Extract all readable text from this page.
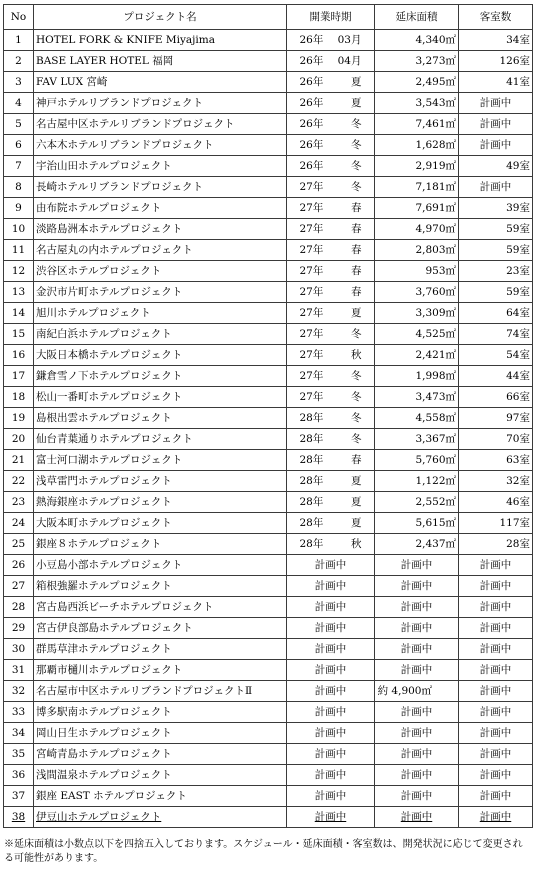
No	プロジェクト名	開業時期	延床面積	客室数
1	HOTEL FORK & KNIFE Miyajima	26年 03月	4,340㎡	34室
2	BASE LAYER HOTEL 福岡	26年 04月	3,273㎡	126室
3	FAV LUX 宮崎	26年 夏	2,495㎡	41室
4	神戸ホテルリブランドプロジェクト	26年 夏	3,543㎡	計画中
5	名古屋中区ホテルリブランドプロジェクト	26年 冬	7,461㎡	計画中
6	六本木ホテルリブランドプロジェクト	26年 冬	1,628㎡	計画中
7	宇治山田ホテルプロジェクト	26年 冬	2,919㎡	49室
8	長崎ホテルリブランドプロジェクト	27年 冬	7,181㎡	計画中
9	由布院ホテルプロジェクト	27年 春	7,691㎡	39室
10	淡路島洲本ホテルプロジェクト	27年 春	4,970㎡	59室
11	名古屋丸の内ホテルプロジェクト	27年 春	2,803㎡	59室
12	渋谷区ホテルプロジェクト	27年 春	953㎡	23室
13	金沢市片町ホテルプロジェクト	27年 春	3,760㎡	59室
14	旭川ホテルプロジェクト	27年 夏	3,309㎡	64室
15	南紀白浜ホテルプロジェクト	27年 冬	4,525㎡	74室
16	大阪日本橋ホテルプロジェクト	27年 秋	2,421㎡	54室
17	鎌倉雪ノ下ホテルプロジェクト	27年 冬	1,998㎡	44室
18	松山一番町ホテルプロジェクト	27年 冬	3,473㎡	66室
19	島根出雲ホテルプロジェクト	28年 冬	4,558㎡	97室
20	仙台青葉通りホテルプロジェクト	28年 冬	3,367㎡	70室
21	富士河口湖ホテルプロジェクト	28年 春	5,760㎡	63室
22	浅草雷門ホテルプロジェクト	28年 夏	1,122㎡	32室
23	熱海銀座ホテルプロジェクト	28年 夏	2,552㎡	46室
24	大阪本町ホテルプロジェクト	28年 夏	5,615㎡	117室
25	銀座８ホテルプロジェクト	28年 秋	2,437㎡	28室
26	小豆島小部ホテルプロジェクト	計画中	計画中	計画中
27	箱根強羅ホテルプロジェクト	計画中	計画中	計画中
28	宮古島西浜ビーチホテルプロジェクト	計画中	計画中	計画中
29	宮古伊良部島ホテルプロジェクト	計画中	計画中	計画中
30	群馬草津ホテルプロジェクト	計画中	計画中	計画中
31	那覇市樋川ホテルプロジェクト	計画中	計画中	計画中
32	名古屋市中区ホテルリブランドプロジェクトⅡ	計画中	約 4,900㎡	計画中
33	博多駅南ホテルプロジェクト	計画中	計画中	計画中
34	岡山日生ホテルプロジェクト	計画中	計画中	計画中
35	宮崎青島ホテルプロジェクト	計画中	計画中	計画中
36	浅間温泉ホテルプロジェクト	計画中	計画中	計画中
37	銀座 EAST ホテルプロジェクト	計画中	計画中	計画中
38	伊豆山ホテルプロジェクト	計画中	計画中	計画中
※延床面積は小数点以下を四捨五入しております。スケジュール・延床面積・客室数は、開発状況に応じて変更される可能性があります。
